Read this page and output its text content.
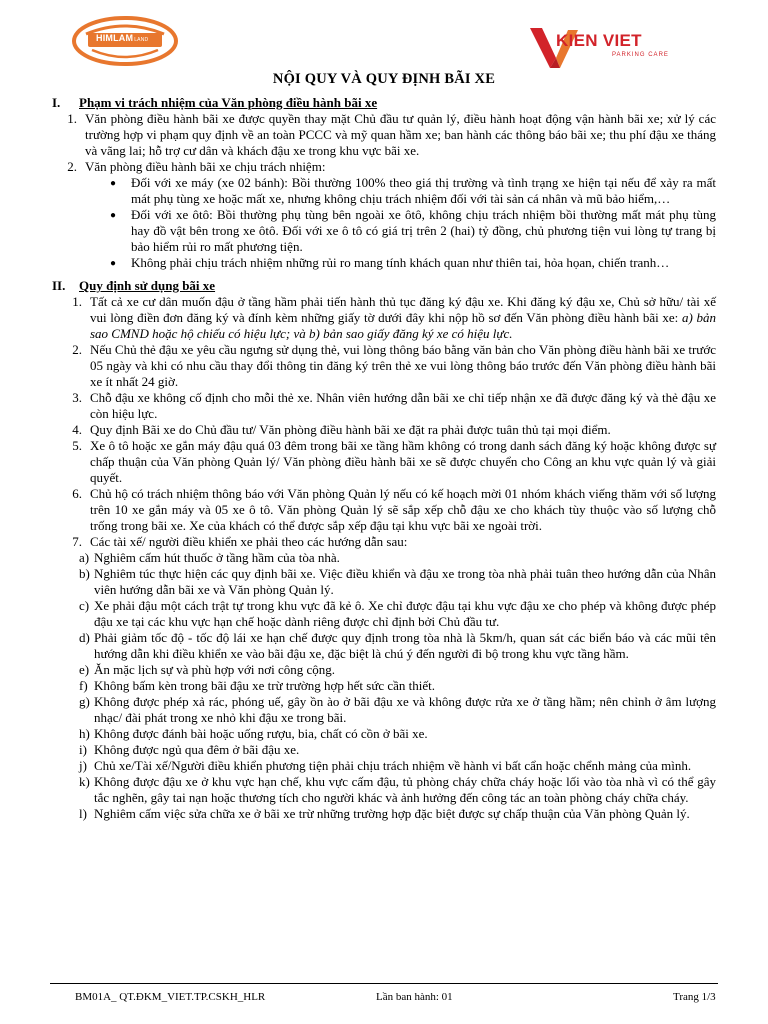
HIMLAMLAND	KIEN VIET
PARKING CARE
NỘI QUY VÀ QUY ĐỊNH BÃI XE
I.	Phạm vi trách nhiệm của Văn phòng điều hành bãi xe
1. Văn phòng điều hành bãi xe được quyền thay mặt Chủ đầu tư quản lý, điều hành hoạt động vận hành bãi xe; xử lý các trường hợp vi phạm quy định về an toàn PCCC và mỹ quan hầm xe; ban hành các thông báo bãi xe; thu phí đậu xe tháng và vãng lai; hỗ trợ cư dân và khách đậu xe trong khu vực bãi xe.
2. Văn phòng điều hành bãi xe chịu trách nhiệm:
●	Đối với xe máy (xe 02 bánh): Bồi thường 100% theo giá thị trường và tình trạng xe hiện tại nếu để xảy ra mất mát phụ tùng xe hoặc mất xe, nhưng không chịu trách nhiệm đối với tài sản cá nhân và mũ bảo hiểm,…
●	Đối với xe ôtô: Bồi thường phụ tùng bên ngoài xe ôtô, không chịu trách nhiệm bồi thường mất mát phụ tùng hay đồ vật bên trong xe ôtô. Đối với xe ô tô có giá trị trên 2 (hai) tỷ đồng, chủ phương tiện vui lòng tự trang bị bảo hiểm rủi ro mất phương tiện.
●	Không phải chịu trách nhiệm những rủi ro mang tính khách quan như thiên tai, hỏa họan, chiến tranh…
II.	Quy định sử dụng bãi xe
1. Tất cả xe cư dân muốn đậu ở tầng hầm phải tiến hành thủ tục đăng ký đậu xe. Khi đăng ký đậu xe, Chủ sở hữu/ tài xế vui lòng điền đơn đăng ký và đính kèm những giấy tờ dưới đây khi nộp hồ sơ đến Văn phòng điều hành bãi xe: a) bản sao CMND hoặc hộ chiếu có hiệu lực; và b) bản sao giấy đăng ký xe có hiệu lực.
2. Nếu Chủ thẻ đậu xe yêu cầu ngưng sử dụng thẻ, vui lòng thông báo bằng văn bản cho Văn phòng điều hành bãi xe trước 05 ngày và khi có nhu cầu thay đổi thông tin đăng ký trên thẻ xe vui lòng thông báo trước đến Văn phòng điều hành bãi xe ít nhất 24 giờ.
3. Chỗ đậu xe không cố định cho mỗi thẻ xe. Nhân viên hướng dẫn bãi xe chỉ tiếp nhận xe đã được đăng ký và thẻ đậu xe còn hiệu lực.
4. Quy định Bãi xe do Chủ đầu tư/ Văn phòng điều hành bãi xe đặt ra phải được tuân thủ tại mọi điểm.
5. Xe ô tô hoặc xe gắn máy đậu quá 03 đêm trong bãi xe tầng hầm không có trong danh sách đăng ký hoặc không được sự chấp thuận của Văn phòng Quản lý/ Văn phòng điều hành bãi xe sẽ được chuyển cho Công an khu vực quản lý và giải quyết.
6. Chủ hộ có trách nhiệm thông báo với Văn phòng Quản lý nếu có kế hoạch mời 01 nhóm khách viếng thăm với số lượng trên 10 xe gắn máy và 05 xe ô tô. Văn phòng Quản lý sẽ sắp xếp chỗ đậu xe cho khách tùy thuộc vào số lượng chỗ trống trong bãi xe. Xe của khách có thể được sắp xếp đậu tại khu vực bãi xe ngoài trời.
7. Các tài xế/ người điều khiển xe phải theo các hướng dẫn sau:
a) Nghiêm cấm hút thuốc ở tầng hầm của tòa nhà.
b) Nghiêm túc thực hiện các quy định bãi xe. Việc điều khiển và đậu xe trong tòa nhà phải tuân theo hướng dẫn của Nhân viên hướng dẫn bãi xe và Văn phòng Quản lý.
c) Xe phải đậu một cách trật tự trong khu vực đã kẻ ô. Xe chỉ được đậu tại khu vực đậu xe cho phép và không được phép đậu xe tại các khu vực hạn chế hoặc dành riêng được chỉ định bởi Chủ đầu tư.
d) Phải giảm tốc độ - tốc độ lái xe hạn chế được quy định trong tòa nhà là 5km/h, quan sát các biển báo và các mũi tên hướng dẫn khi điều khiển xe vào bãi đậu xe, đặc biệt là chú ý đến người đi bộ trong khu vực tầng hầm.
e) Ăn mặc lịch sự và phù hợp với nơi công cộng.
f) Không bấm kèn trong bãi đậu xe trừ trường hợp hết sức cần thiết.
g) Không được phép xả rác, phóng uế, gây ồn ào ở bãi đậu xe và không được rửa xe ở tầng hầm; nên chỉnh ở âm lượng nhạc/ đài phát trong xe nhỏ khi đậu xe trong bãi.
h) Không được đánh bài hoặc uống rượu, bia, chất có cồn ở bãi xe.
i) Không được ngủ qua đêm ở bãi đậu xe.
j) Chủ xe/Tài xế/Người điều khiển phương tiện phải chịu trách nhiệm về hành vi bất cẩn hoặc chểnh mảng của mình.
k) Không được đậu xe ở khu vực hạn chế, khu vực cấm đậu, tủ phòng cháy chữa cháy hoặc lối vào tòa nhà vì có thể gây tắc nghẽn, gây tai nạn hoặc thương tích cho người khác và ảnh hưởng đến công tác an toàn phòng cháy chữa cháy.
l) Nghiêm cấm việc sửa chữa xe ở bãi xe trừ những trường hợp đặc biệt được sự chấp thuận của Văn phòng Quản lý.
BM01A_ QT.ĐKM_VIET.TP.CSKH_HLR	Lần ban hành: 01	Trang 1/3
